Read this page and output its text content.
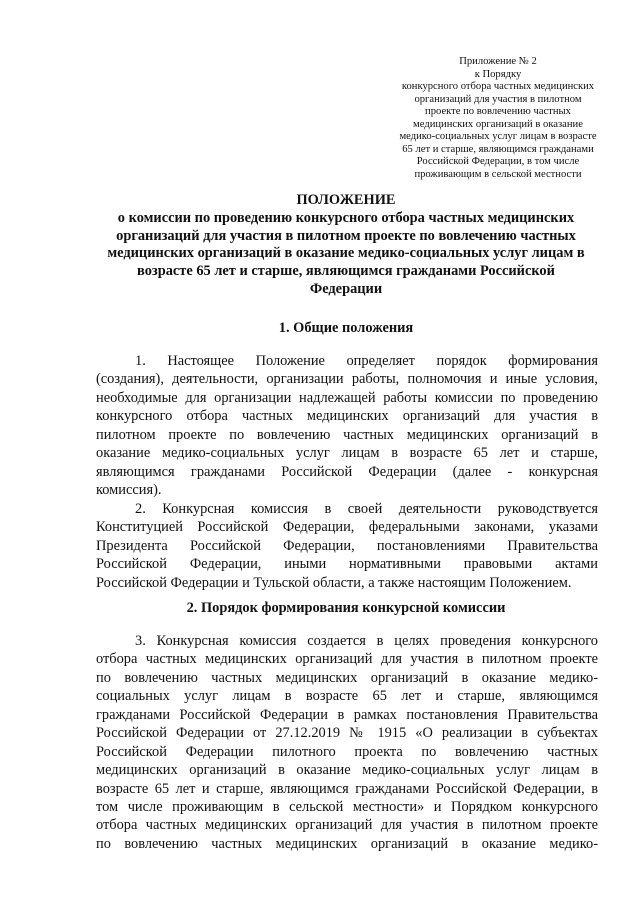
Приложение № 2
к Порядку
конкурсного отбора частных медицинских
организаций для участия в пилотном
проекте по вовлечению частных
медицинских организаций в оказание
медико-социальных услуг лицам в возрасте
65 лет и старше, являющимся гражданами
Российской Федерации, в том числе
проживающим в сельской местности
ПОЛОЖЕНИЕ
о комиссии по проведению конкурсного отбора частных медицинских
организаций для участия в пилотном проекте по вовлечению частных
медицинских организаций в оказание медико-социальных услуг лицам в
возрасте 65 лет и старше, являющимся гражданами Российской
Федерации
1. Общие положения
1. Настоящее Положение определяет порядок формирования
(создания), деятельности, организации работы, полномочия и иные условия,
необходимые для организации надлежащей работы комиссии по проведению
конкурсного отбора частных медицинских организаций для участия в
пилотном проекте по вовлечению частных медицинских организаций в
оказание медико-социальных услуг лицам в возрасте 65 лет и старше,
являющимся гражданами Российской Федерации (далее - конкурсная
комиссия).
2. Конкурсная комиссия в своей деятельности руководствуется
Конституцией Российской Федерации, федеральными законами, указами
Президента Российской Федерации, постановлениями Правительства
Российской Федерации, иными нормативными правовыми актами
Российской Федерации и Тульской области, а также настоящим Положением.
2. Порядок формирования конкурсной комиссии
3. Конкурсная комиссия создается в целях проведения конкурсного
отбора частных медицинских организаций для участия в пилотном проекте
по вовлечению частных медицинских организаций в оказание медико-
социальных услуг лицам в возрасте 65 лет и старше, являющимся
гражданами Российской Федерации в рамках постановления Правительства
Российской Федерации от 27.12.2019 № 1915 «О реализации в субъектах
Российской Федерации пилотного проекта по вовлечению частных
медицинских организаций в оказание медико-социальных услуг лицам в
возрасте 65 лет и старше, являющимся гражданами Российской Федерации, в
том числе проживающим в сельской местности» и Порядком конкурсного
отбора частных медицинских организаций для участия в пилотном проекте
по вовлечению частных медицинских организаций в оказание медико-
